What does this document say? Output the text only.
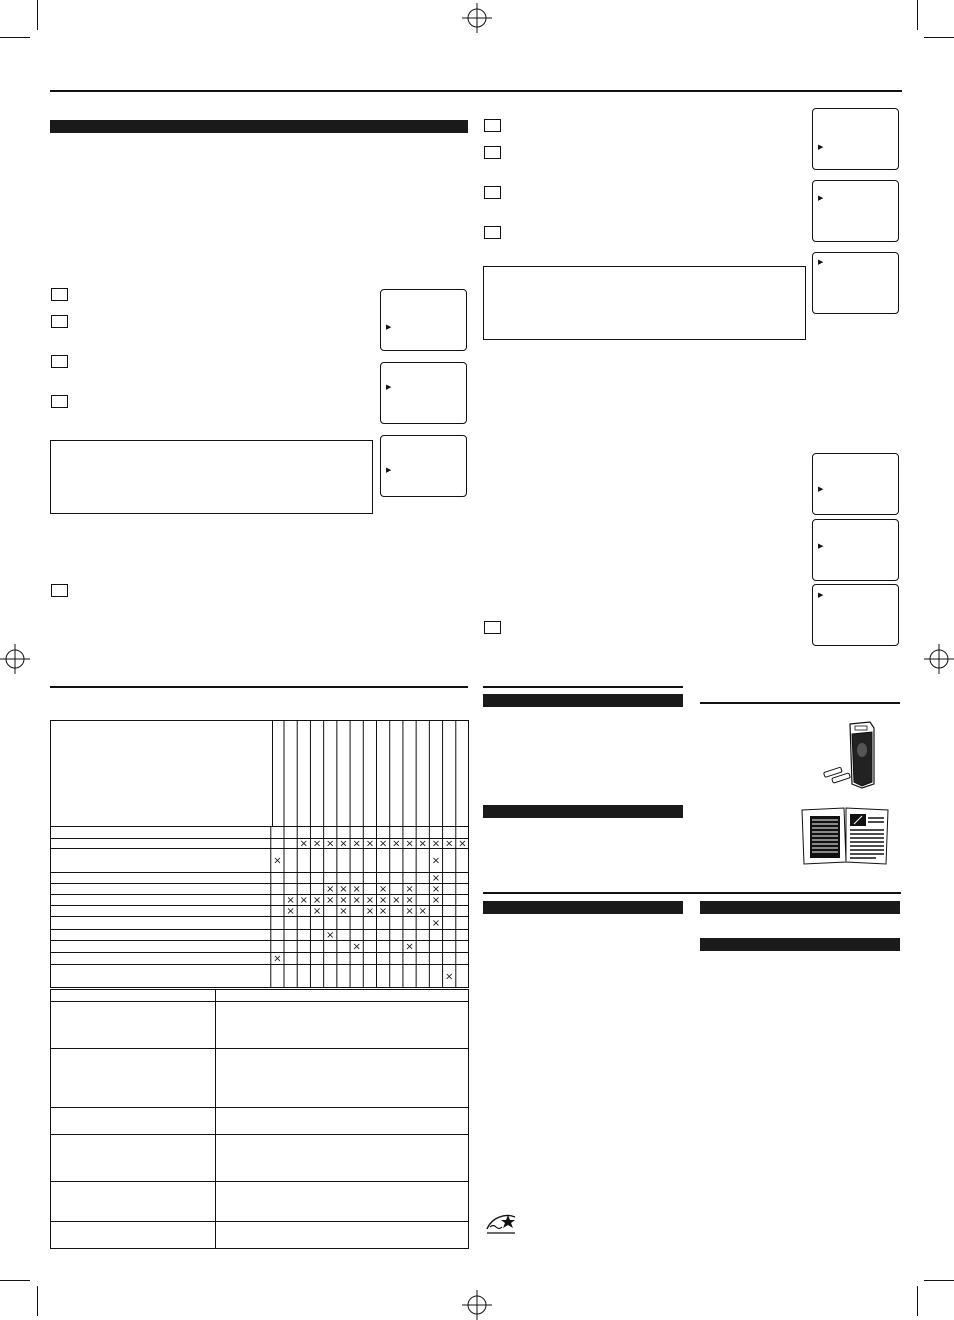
▶
▶
▶
▶
▶
▶
▶
▶
▶
× × × × × × × × × × × × ×
×	×
×
× × × × × ×
× × × × × × × × × × ×
× × × × × × ×
×
×
×	×
×
×
